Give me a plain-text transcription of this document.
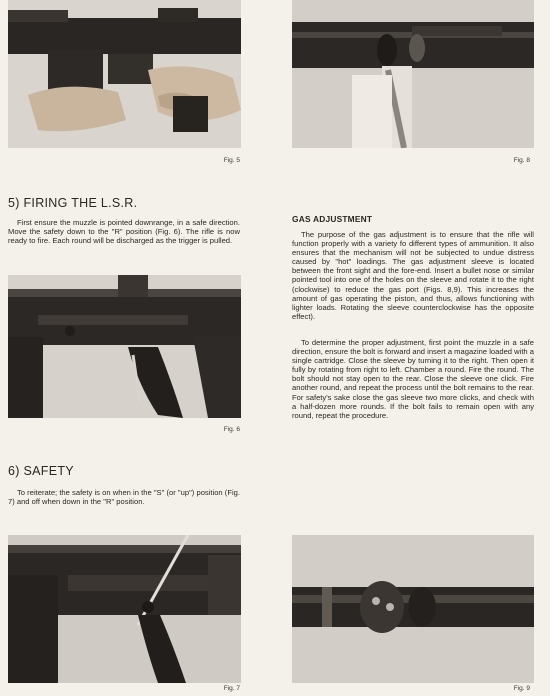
Fig. 5
5) FIRING THE L.S.R.

First ensure the muzzle is pointed downrange, in a safe direction. Move the safety down to the "R" position (Fig. 6). The rifle is now ready to fire. Each round will be discharged as the trigger is pulled.

Fig. 6
6) SAFETY

To reiterate; the safety is on when in the "S" (or "up") position (Fig. 7) and off when down in the "R" position.

Fig. 7
Fig. 8
GAS ADJUSTMENT

The purpose of the gas adjustment is to ensure that the rifle will function properly with a variety fo different types of ammunition. It also ensures that the mechanism will not be subjected to undue distress caused by "hot" loadings. The gas adjustment sleeve is located between the front sight and the fore-end. Insert a bullet nose or similar pointed tool into one of the holes on the sleeve and rotate it to the right (clockwise) to reduce the gas port (Figs. 8,9). This increases the amount of gas operating the piston, and thus, allows functioning with lighter loads. Rotating the sleeve counterclockwise has the opposite effect).

To determine the proper adjustment, first point the muzzle in a safe direction, ensure the bolt is forward and insert a magazine loaded with a single cartridge. Close the sleeve by turning it to the right. Then open it fully by rotating from right to left. Chamber a round. Fire the round. The bolt should not stay open to the rear. Close the sleeve one click. Fire another round, and repeat the process until the bolt remains to the rear. For safety's sake close the gas sleeve two more clicks, and check with a half-dozen more rounds. If the bolt fails to remain open with any round, repeat the procedure.

Fig. 9
